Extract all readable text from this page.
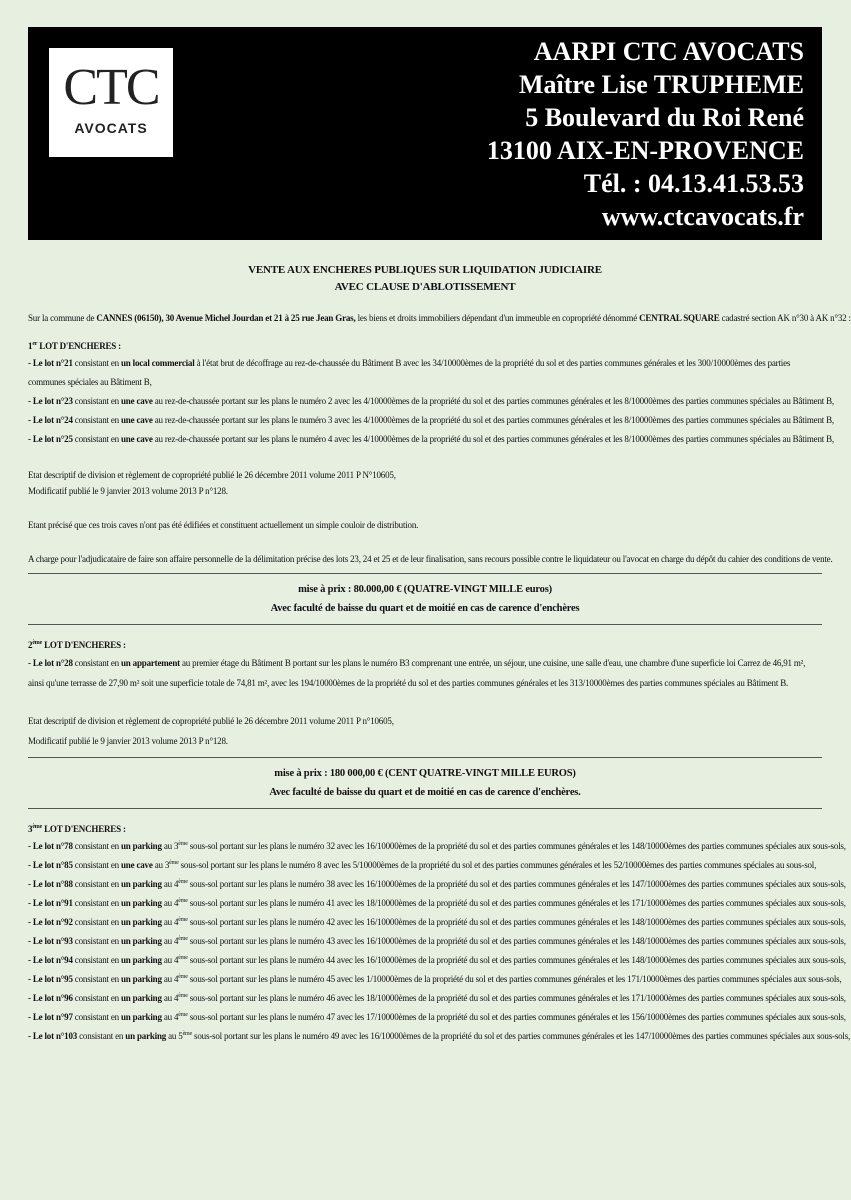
CTC
AVOCATS
AARPI CTC AVOCATS
Maître Lise TRUPHEME
5 Boulevard du Roi René
13100 AIX-EN-PROVENCE
Tél. : 04.13.41.53.53
www.ctcavocats.fr
VENTE AUX ENCHERES PUBLIQUES SUR LIQUIDATION JUDICIAIRE
AVEC CLAUSE D'ABLOTISSEMENT

Sur la commune de CANNES (06150), 30 Avenue Michel Jourdan et 21 à 25 rue Jean Gras, les biens et droits immobiliers dépendant d'un immeuble en copropriété dénommé CENTRAL SQUARE cadastré section AK n°30 à AK n°32 :

1er LOT D'ENCHERES :

- Le lot n°21 consistant en un local commercial à l'état brut de décoffrage au rez-de-chaussée du Bâtiment B avec les 34/10000èmes de la propriété du sol et des parties communes générales et les 300/10000èmes des parties communes spéciales au Bâtiment B,

- Le lot n°23 consistant en une cave au rez-de-chaussée portant sur les plans le numéro 2 avec les 4/10000èmes de la propriété du sol et des parties communes générales et les 8/10000èmes des parties communes spéciales au Bâtiment B,

- Le lot n°24 consistant en une cave au rez-de-chaussée portant sur les plans le numéro 3 avec les 4/10000èmes de la propriété du sol et des parties communes générales et les 8/10000èmes des parties communes spéciales au Bâtiment B,

- Le lot n°25 consistant en une cave au rez-de-chaussée portant sur les plans le numéro 4 avec les 4/10000èmes de la propriété du sol et des parties communes générales et les 8/10000èmes des parties communes spéciales au Bâtiment B,

Etat descriptif de division et règlement de copropriété publié le 26 décembre 2011 volume 2011 P N°10605,

Modificatif publié le 9 janvier 2013 volume 2013 P n°128.

Etant précisé que ces trois caves n'ont pas été édifiées et constituent actuellement un simple couloir de distribution.

A charge pour l'adjudicataire de faire son affaire personnelle de la délimitation précise des lots 23, 24 et 25 et de leur finalisation, sans recours possible contre le liquidateur ou l'avocat en charge du dépôt du cahier des conditions de vente.

mise à prix : 80.000,00 € (QUATRE-VINGT MILLE euros)
Avec faculté de baisse du quart et de moitié en cas de carence d'enchères

2ème LOT D'ENCHERES :

- Le lot n°28 consistant en un appartement au premier étage du Bâtiment B portant sur les plans le numéro B3 comprenant une entrée, un séjour, une cuisine, une salle d'eau, une chambre d'une superficie loi Carrez de 46,91 m², ainsi qu'une terrasse de 27,90 m² soit une superficie totale de 74,81 m², avec les 194/10000èmes de la propriété du sol et des parties communes générales et les 313/10000èmes des parties communes spéciales au Bâtiment B.

Etat descriptif de division et règlement de copropriété publié le 26 décembre 2011 volume 2011 P n°10605,

Modificatif publié le 9 janvier 2013 volume 2013 P n°128.

mise à prix : 180 000,00 € (CENT QUATRE-VINGT MILLE EUROS)
Avec faculté de baisse du quart et de moitié en cas de carence d'enchères.

3ème LOT D'ENCHERES :

- Le lot n°78 consistant en un parking au 3ème sous-sol portant sur les plans le numéro 32 avec les 16/10000èmes de la propriété du sol et des parties communes générales et les 148/10000èmes des parties communes spéciales aux sous-sols,

- Le lot n°85 consistant en une cave au 3ème sous-sol portant sur les plans le numéro 8 avec les 5/10000èmes de la propriété du sol et des parties communes générales et les 52/10000èmes des parties communes spéciales au sous-sol,

- Le lot n°88 consistant en un parking au 4ème sous-sol portant sur les plans le numéro 38 avec les 16/10000èmes de la propriété du sol et des parties communes générales et les 147/10000èmes des parties communes spéciales aux sous-sols,

- Le lot n°91 consistant en un parking au 4ème sous-sol portant sur les plans le numéro 41 avec les 18/10000èmes de la propriété du sol et des parties communes générales et les 171/10000èmes des parties communes spéciales aux sous-sols,

- Le lot n°92 consistant en un parking au 4ème sous-sol portant sur les plans le numéro 42 avec les 16/10000èmes de la propriété du sol et des parties communes générales et les 148/10000èmes des parties communes spéciales aux sous-sols,

- Le lot n°93 consistant en un parking au 4ème sous-sol portant sur les plans le numéro 43 avec les 16/10000èmes de la propriété du sol et des parties communes générales et les 148/10000èmes des parties communes spéciales aux sous-sols,

- Le lot n°94 consistant en un parking au 4ème sous-sol portant sur les plans le numéro 44 avec les 16/10000èmes de la propriété du sol et des parties communes générales et les 148/10000èmes des parties communes spéciales aux sous-sols,

- Le lot n°95 consistant en un parking au 4ème sous-sol portant sur les plans le numéro 45 avec les 1/10000èmes de la propriété du sol et des parties communes générales et les 171/10000èmes des parties communes spéciales aux sous-sols,

- Le lot n°96 consistant en un parking au 4ème sous-sol portant sur les plans le numéro 46 avec les 18/10000èmes de la propriété du sol et des parties communes générales et les 171/10000èmes des parties communes spéciales aux sous-sols,

- Le lot n°97 consistant en un parking au 4ème sous-sol portant sur les plans le numéro 47 avec les 17/10000èmes de la propriété du sol et des parties communes générales et les 156/10000èmes des parties communes spéciales aux sous-sols,

- Le lot n°103 consistant en un parking au 5ème sous-sol portant sur les plans le numéro 49 avec les 16/10000èmes de la propriété du sol et des parties communes générales et les 147/10000èmes des parties communes spéciales aux sous-sols,
